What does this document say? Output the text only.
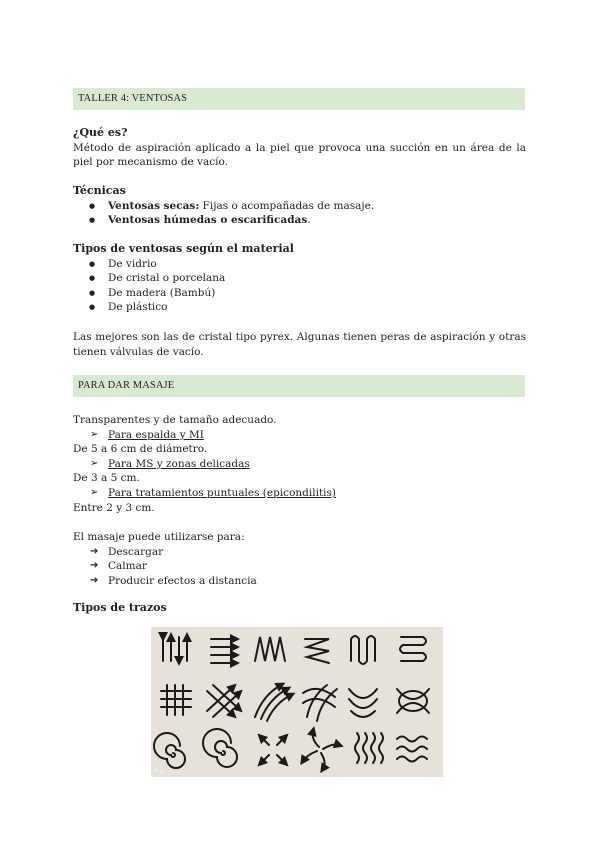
TALLER 4: VENTOSAS
¿Qué es?
Método de aspiración aplicado a la piel que provoca una succión en un área de la piel por mecanismo de vacío.
Técnicas
● Ventosas secas: Fijas o acompañadas de masaje.
● Ventosas húmedas o escarificadas.
Tipos de ventosas según el material
● De vidrio
● De cristal o porcelana
● De madera (Bambú)
● De plástico
Las mejores son las de cristal tipo pyrex. Algunas tienen peras de aspiración y otras tienen válvulas de vacío.
PARA DAR MASAJE
Transparentes y de tamaño adecuado.
➢ Para espalda y MI
De 5 a 6 cm de diámetro.
➢ Para MS y zonas delicadas
De 3 a 5 cm.
➢ Para tratamientos puntuales (epicondilitis)
Entre 2 y 3 cm.
El masaje puede utilizarse para:
➔ Descargar
➔ Calmar
➔ Producir efectos a distancia
Tipos de trazos
Pro
